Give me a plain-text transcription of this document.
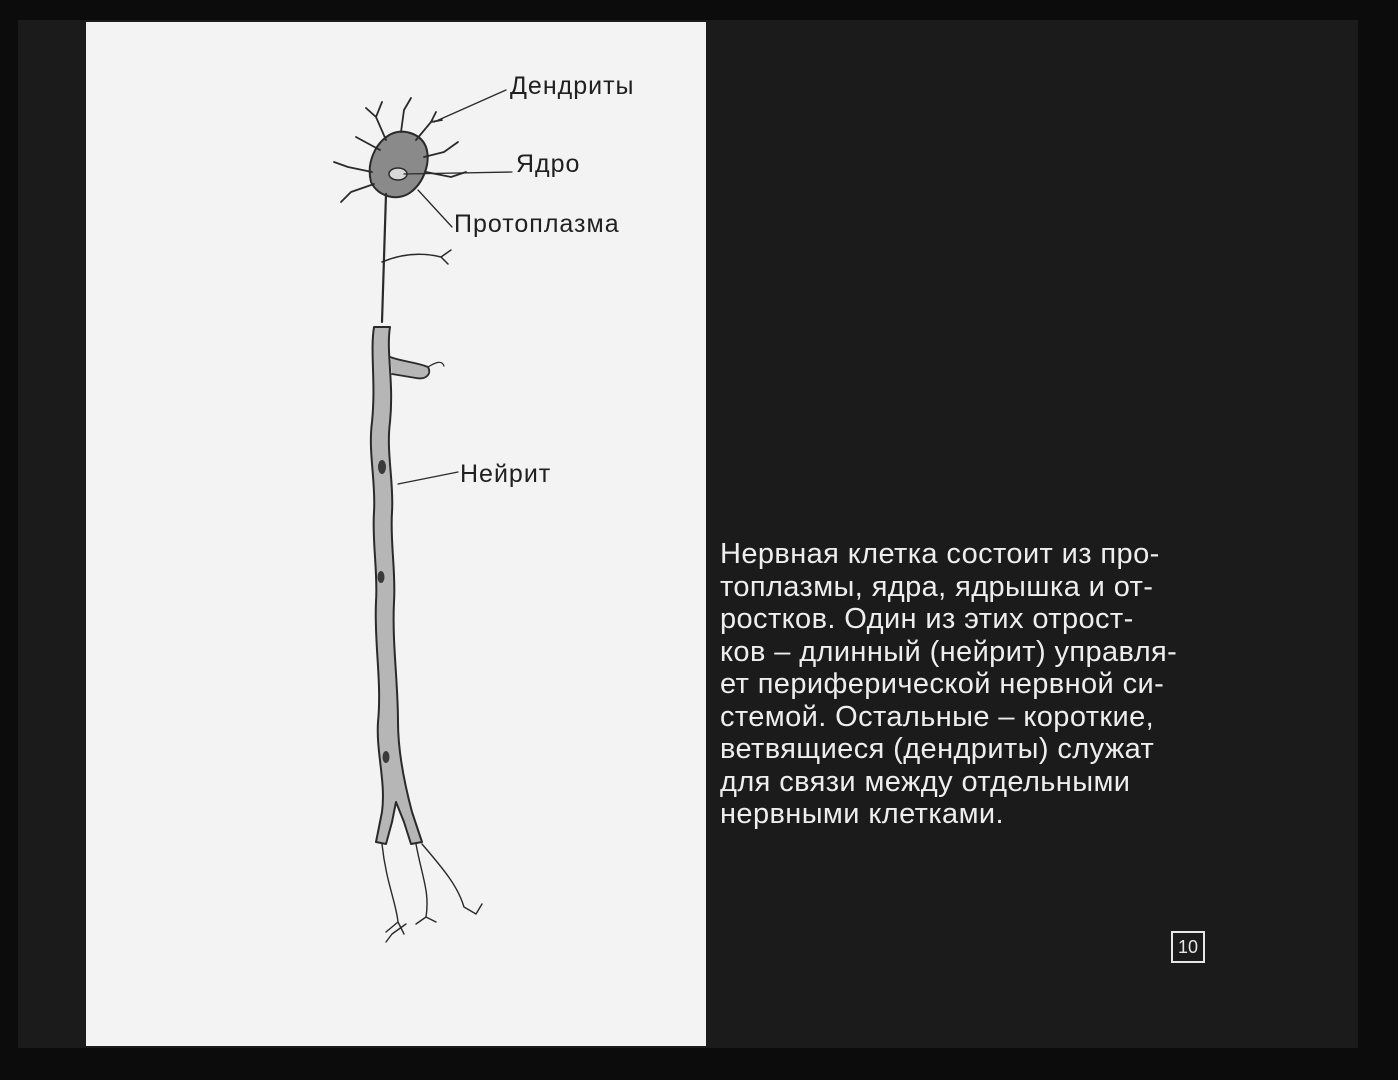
Дендриты
Ядро
Протоплазма
Нейрит
Нервная клетка состоит из про-
топлазмы, ядра, ядрышка и от-
ростков. Один из этих отрост-
ков – длинный (нейрит) управля-
ет периферической нервной си-
стемой. Остальные – короткие,
ветвящиеся (дендриты) служат
для связи между отдельными
нервными клетками.
10
